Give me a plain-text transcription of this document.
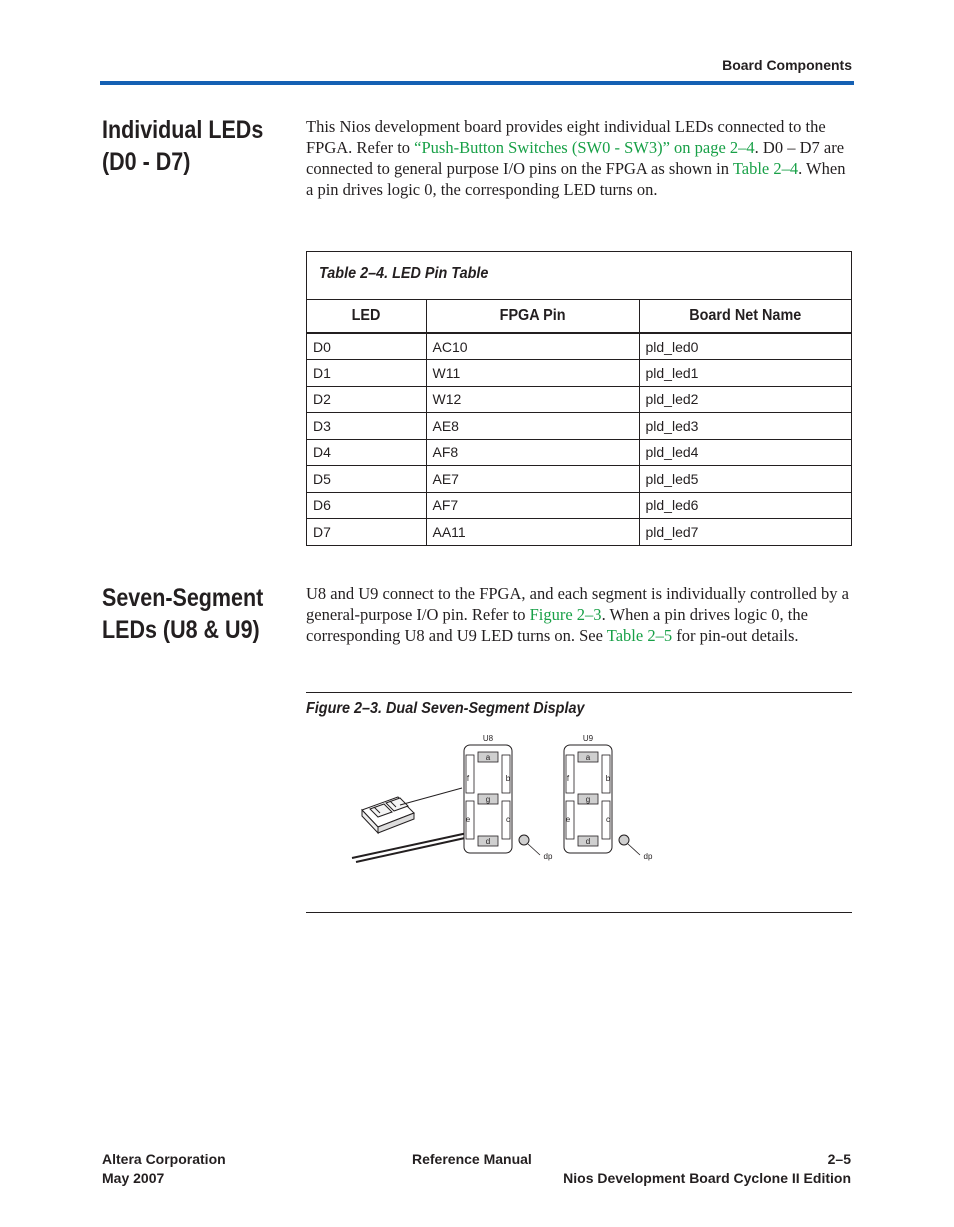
Board Components
Individual LEDs
(D0 - D7)

This Nios development board provides eight individual LEDs connected to the FPGA. Refer to “Push-Button Switches (SW0 - SW3)” on page 2–4. D0 – D7 are connected to general purpose I/O pins on the FPGA as shown in Table 2–4. When a pin drives logic 0, the corresponding LED turns on.

Table 2–4. LED Pin Table
LED	FPGA Pin	Board Net Name
D0	AC10	pld_led0
D1	W11	pld_led1
D2	W12	pld_led2
D3	AE8	pld_led3
D4	AF8	pld_led4
D5	AE7	pld_led5
D6	AF7	pld_led6
D7	AA11	pld_led7
Seven-Segment
LEDs (U8 & U9)

U8 and U9 connect to the FPGA, and each segment is individually controlled by a general-purpose I/O pin. Refer to Figure 2–3. When a pin drives logic 0, the corresponding U8 and U9 LED turns on. See Table 2–5 for pin-out details.

Figure 2–3. Dual Seven-Segment Display
U8
a
b
c
d
e
f
g
dp
U9
a
b
c
d
e
f
g
dp
Altera Corporation
May 2007
Reference Manual	2–5
Nios Development Board Cyclone II Edition
